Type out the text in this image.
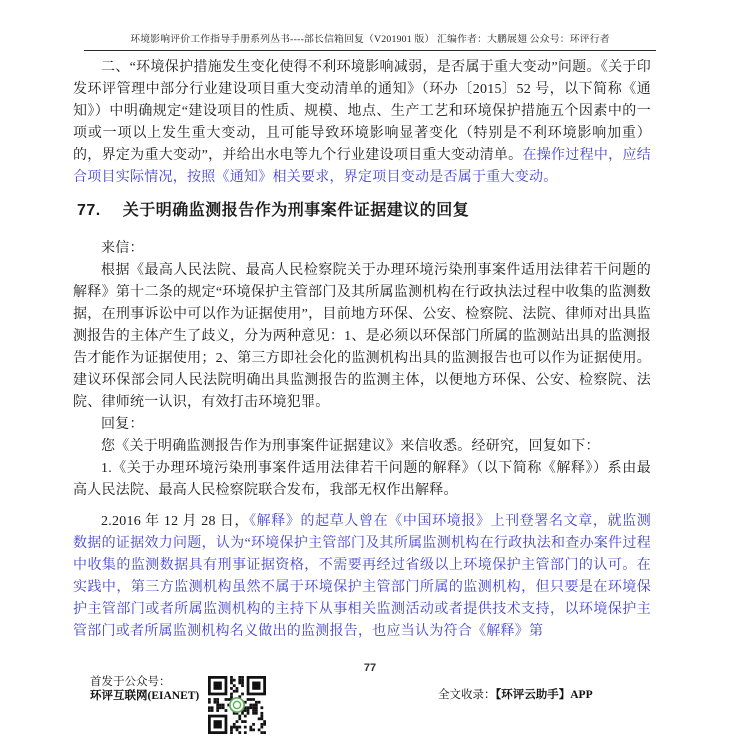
环境影响评价工作指导手册系列丛书----部长信箱回复（V201901 版） 汇编作者：大鹏展翅 公众号：环评行者

二、“环境保护措施发生变化使得不利环境影响减弱，是否属于重大变动”问题。《关于印发环评管理中部分行业建设项目重大变动清单的通知》（环办〔2015〕52 号，以下简称《通知》）中明确规定“建设项目的性质、规模、地点、生产工艺和环境保护措施五个因素中的一项或一项以上发生重大变动，且可能导致环境影响显著变化（特别是不利环境影响加重）的，界定为重大变动”，并给出水电等九个行业建设项目重大变动清单。在操作过程中，应结合项目实际情况，按照《通知》相关要求，界定项目变动是否属于重大变动。

77. 关于明确监测报告作为刑事案件证据建议的回复

来信：

根据《最高人民法院、最高人民检察院关于办理环境污染刑事案件适用法律若干问题的解释》第十二条的规定“环境保护主管部门及其所属监测机构在行政执法过程中收集的监测数据，在刑事诉讼中可以作为证据使用”，目前地方环保、公安、检察院、法院、律师对出具监测报告的主体产生了歧义，分为两种意见：1、是必须以环保部门所属的监测站出具的监测报告才能作为证据使用；2、第三方即社会化的监测机构出具的监测报告也可以作为证据使用。建议环保部会同人民法院明确出具监测报告的监测主体，以便地方环保、公安、检察院、法院、律师统一认识，有效打击环境犯罪。

回复：

您《关于明确监测报告作为刑事案件证据建议》来信收悉。经研究，回复如下：

1.《关于办理环境污染刑事案件适用法律若干问题的解释》（以下简称《解释》）系由最高人民法院、最高人民检察院联合发布，我部无权作出解释。

2.2016 年 12 月 28 日，《解释》的起草人曾在《中国环境报》上刊登署名文章，就监测数据的证据效力问题，认为“环境保护主管部门及其所属监测机构在行政执法和查办案件过程中收集的监测数据具有刑事证据资格，不需要再经过省级以上环境保护主管部门的认可。在实践中，第三方监测机构虽然不属于环境保护主管部门所属的监测机构，但只要是在环境保护主管部门或者所属监测机构的主持下从事相关监测活动或者提供技术支持，以环境保护主管部门或者所属监测机构名义做出的监测报告，也应当认为符合《解释》第

77
首发于公众号：
环评互联网(EIANET)	全文收录：【环评云助手】APP
